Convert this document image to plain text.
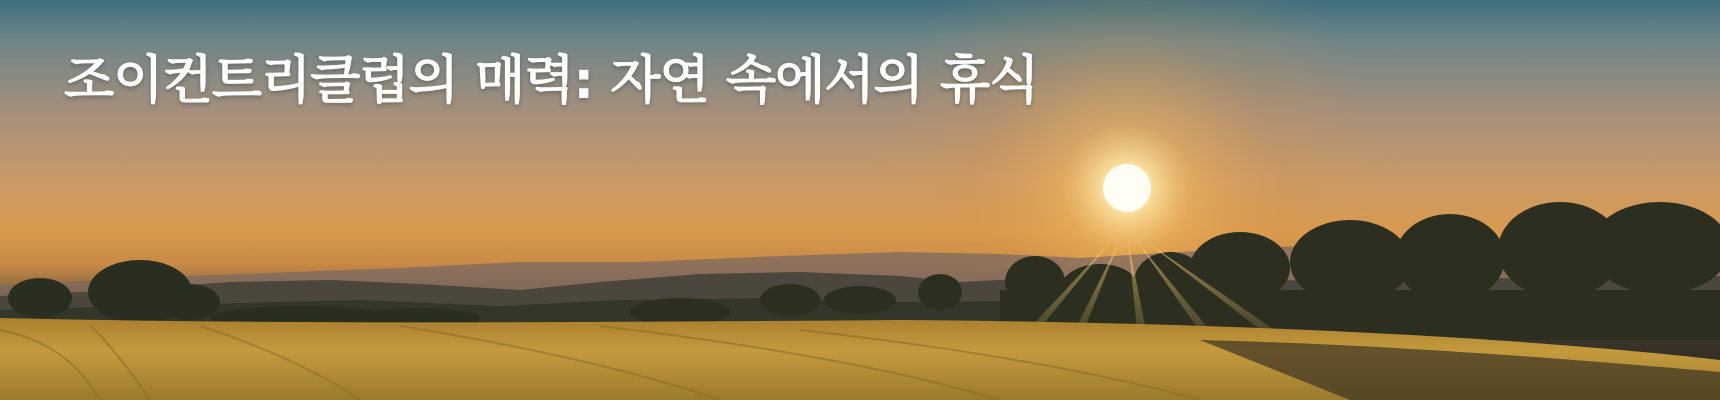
조이컨트리클럽의 매력: 자연 속에서의 휴식
